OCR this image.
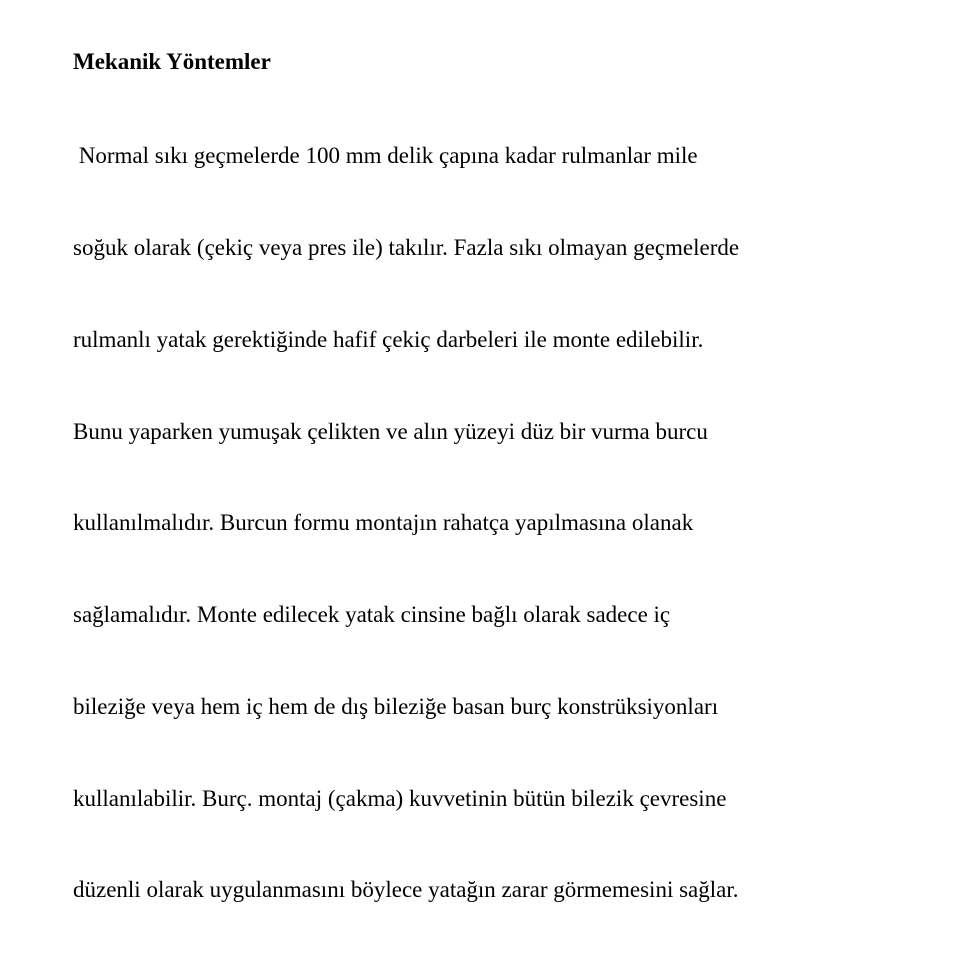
Mekanik Yöntemler

Normal sıkı geçmelerde 100 mm delik çapına kadar rulmanlar mile

soğuk olarak (çekiç veya pres ile) takılır. Fazla sıkı olmayan geçmelerde

rulmanlı yatak gerektiğinde hafif çekiç darbeleri ile monte edilebilir.

Bunu yaparken yumuşak çelikten ve alın yüzeyi düz bir vurma burcu

kullanılmalıdır. Burcun formu montajın rahatça yapılmasına olanak

sağlamalıdır. Monte edilecek yatak cinsine bağlı olarak sadece iç

bileziğe veya hem iç hem de dış bileziğe basan burç konstrüksiyonları

kullanılabilir. Burç. montaj (çakma) kuvvetinin bütün bilezik çevresine

düzenli olarak uygulanmasını böylece yatağın zarar görmemesini sağlar.
